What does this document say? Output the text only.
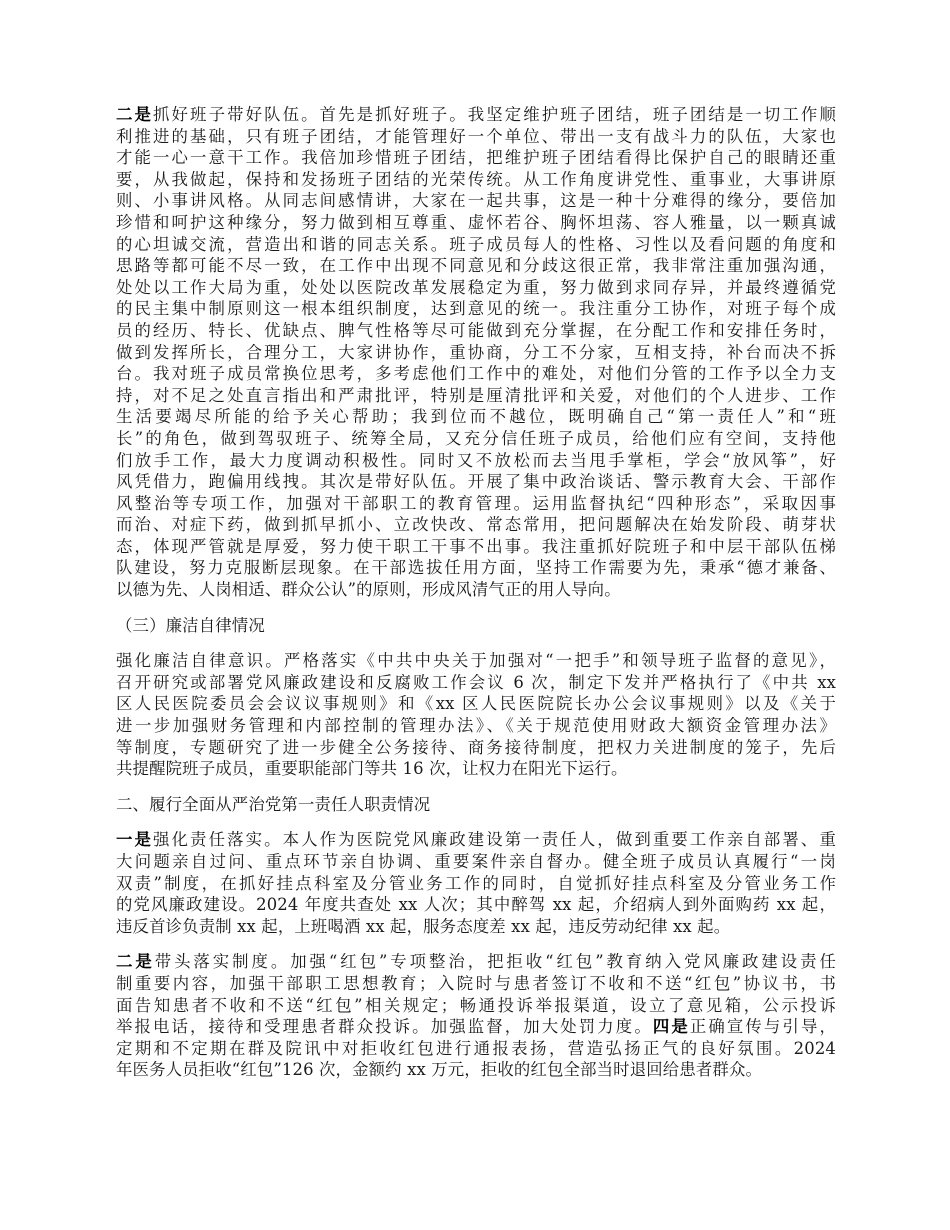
二是抓好班子带好队伍。首先是抓好班子。我坚定维护班子团结，班子团结是一切工作顺
利推进的基础，只有班子团结，才能管理好一个单位、带出一支有战斗力的队伍，大家也
才能一心一意干工作。我倍加珍惜班子团结，把维护班子团结看得比保护自己的眼睛还重
要，从我做起，保持和发扬班子团结的光荣传统。从工作角度讲党性、重事业，大事讲原
则、小事讲风格。从同志间感情讲，大家在一起共事，这是一种十分难得的缘分，要倍加
珍惜和呵护这种缘分，努力做到相互尊重、虚怀若谷、胸怀坦荡、容人雅量，以一颗真诚
的心坦诚交流，营造出和谐的同志关系。班子成员每人的性格、习性以及看问题的角度和
思路等都可能不尽一致，在工作中出现不同意见和分歧这很正常，我非常注重加强沟通，
处处以工作大局为重，处处以医院改革发展稳定为重，努力做到求同存异，并最终遵循党
的民主集中制原则这一根本组织制度，达到意见的统一。我注重分工协作，对班子每个成
员的经历、特长、优缺点、脾气性格等尽可能做到充分掌握，在分配工作和安排任务时，
做到发挥所长，合理分工，大家讲协作，重协商，分工不分家，互相支持，补台而决不拆
台。我对班子成员常换位思考，多考虑他们工作中的难处，对他们分管的工作予以全力支
持，对不足之处直言指出和严肃批评，特别是厘清批评和关爱，对他们的个人进步、工作
生活要竭尽所能的给予关心帮助；我到位而不越位，既明确自己“第一责任人”和“班
长”的角色，做到驾驭班子、统筹全局，又充分信任班子成员，给他们应有空间，支持他
们放手工作，最大力度调动积极性。同时又不放松而去当甩手掌柜，学会“放风筝”，好
风凭借力，跑偏用线拽。其次是带好队伍。开展了集中政治谈话、警示教育大会、干部作
风整治等专项工作，加强对干部职工的教育管理。运用监督执纪“四种形态”，采取因事
而治、对症下药，做到抓早抓小、立改快改、常态常用，把问题解决在始发阶段、萌芽状
态，体现严管就是厚爱，努力使干职工干事不出事。我注重抓好院班子和中层干部队伍梯
队建设，努力克服断层现象。在干部选拔任用方面，坚持工作需要为先，秉承“德才兼备、
以德为先、人岗相适、群众公认”的原则，形成风清气正的用人导向。
（三）廉洁自律情况
强化廉洁自律意识。严格落实《中共中央关于加强对“一把手”和领导班子监督的意见》，
召开研究或部署党风廉政建设和反腐败工作会议 6 次，制定下发并严格执行了《中共 xx
区人民医院委员会会议议事规则》和《xx 区人民医院院长办公会议事规则》以及《关于
进一步加强财务管理和内部控制的管理办法》、《关于规范使用财政大额资金管理办法》
等制度，专题研究了进一步健全公务接待、商务接待制度，把权力关进制度的笼子，先后
共提醒院班子成员，重要职能部门等共 16 次，让权力在阳光下运行。
二、履行全面从严治党第一责任人职责情况
一是强化责任落实。本人作为医院党风廉政建设第一责任人，做到重要工作亲自部署、重
大问题亲自过问、重点环节亲自协调、重要案件亲自督办。健全班子成员认真履行“一岗
双责”制度，在抓好挂点科室及分管业务工作的同时，自觉抓好挂点科室及分管业务工作
的党风廉政建设。2024 年度共查处 xx 人次；其中醉驾 xx 起，介绍病人到外面购药 xx 起，
违反首诊负责制 xx 起，上班喝酒 xx 起，服务态度差 xx 起，违反劳动纪律 xx 起。
二是带头落实制度。加强“红包”专项整治，把拒收“红包”教育纳入党风廉政建设责任
制重要内容，加强干部职工思想教育；入院时与患者签订不收和不送“红包”协议书，书
面告知患者不收和不送“红包”相关规定；畅通投诉举报渠道，设立了意见箱，公示投诉
举报电话，接待和受理患者群众投诉。加强监督，加大处罚力度。四是正确宣传与引导，
定期和不定期在群及院讯中对拒收红包进行通报表扬，营造弘扬正气的良好氛围。2024
年医务人员拒收“红包”126 次，金额约 xx 万元，拒收的红包全部当时退回给患者群众。
